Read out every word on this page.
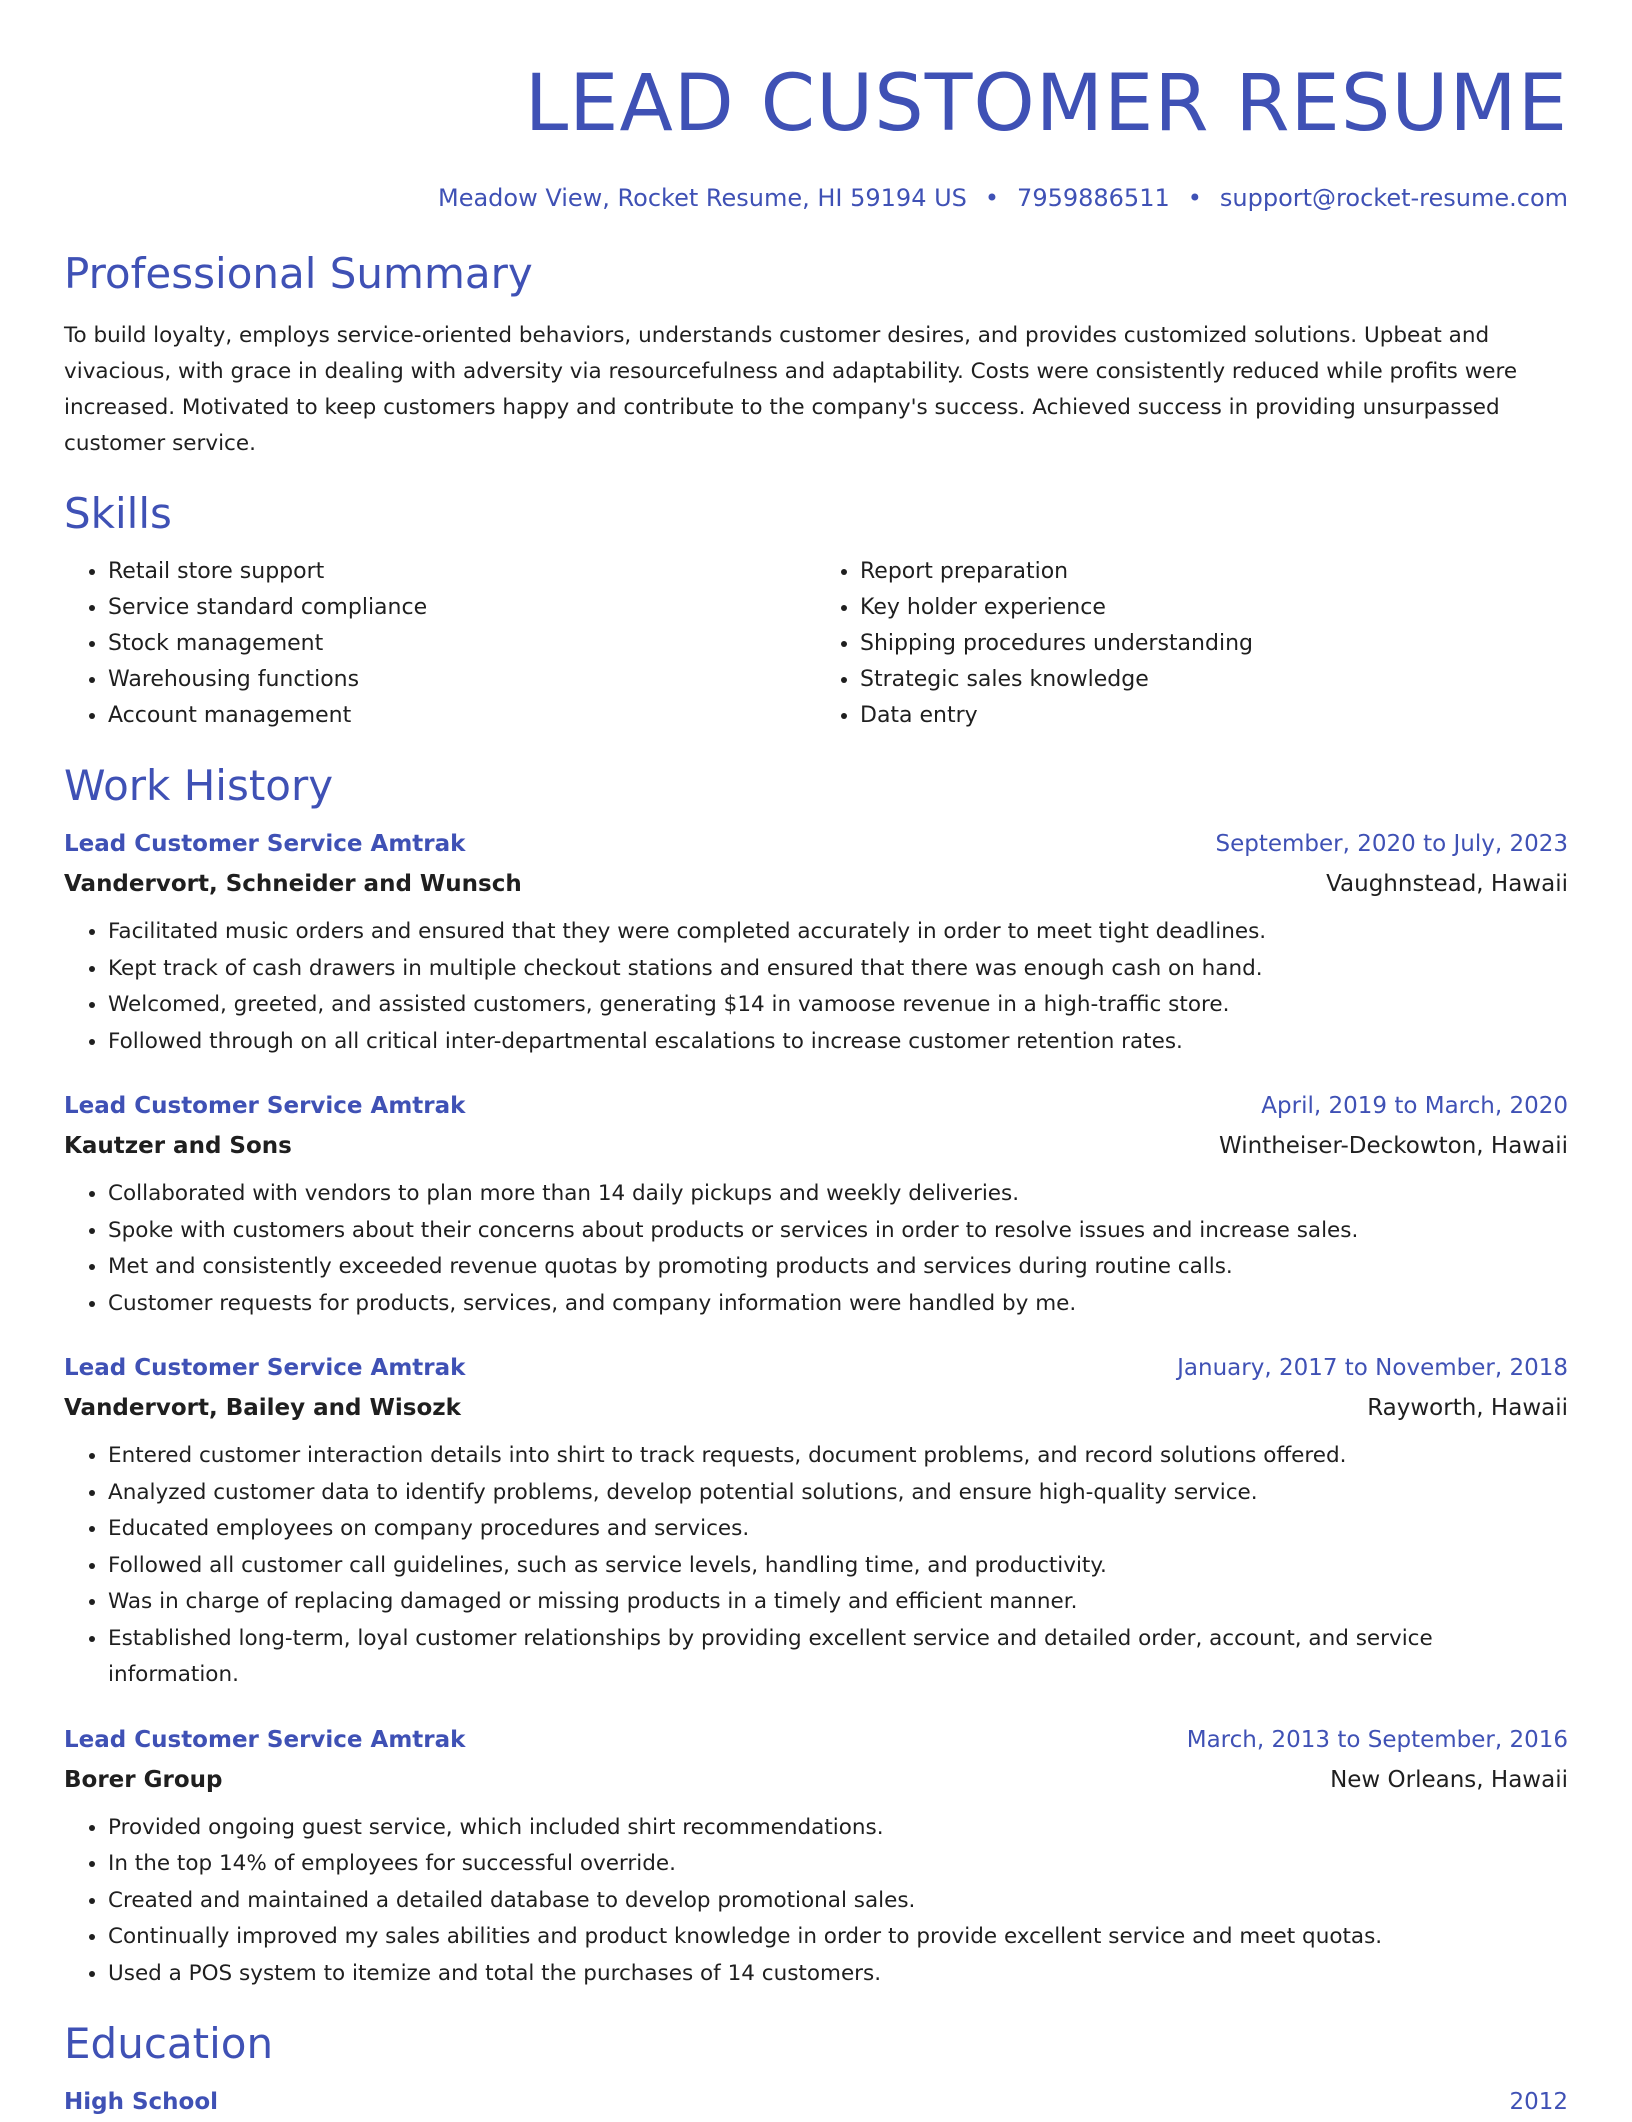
LEAD CUSTOMER RESUME
Meadow View, Rocket Resume, HI 59194 US • 7959886511 • support@rocket-resume.com
Professional Summary

To build loyalty, employs service-oriented behaviors, understands customer desires, and provides customized solutions. Upbeat and vivacious, with grace in dealing with adversity via resourcefulness and adaptability. Costs were consistently reduced while profits were increased. Motivated to keep customers happy and contribute to the company's success. Achieved success in providing unsurpassed customer service.

Skills
• Retail store support
• Service standard compliance
• Stock management
• Warehousing functions
• Account management
• Report preparation
• Key holder experience
• Shipping procedures understanding
• Strategic sales knowledge
• Data entry
Work History
Lead Customer Service Amtrak	September, 2020 to July, 2023
Vandervort, Schneider and Wunsch	Vaughnstead, Hawaii
• Facilitated music orders and ensured that they were completed accurately in order to meet tight deadlines.
• Kept track of cash drawers in multiple checkout stations and ensured that there was enough cash on hand.
• Welcomed, greeted, and assisted customers, generating $14 in vamoose revenue in a high-traffic store.
• Followed through on all critical inter-departmental escalations to increase customer retention rates.
Lead Customer Service Amtrak	April, 2019 to March, 2020
Kautzer and Sons	Wintheiser-Deckowton, Hawaii
• Collaborated with vendors to plan more than 14 daily pickups and weekly deliveries.
• Spoke with customers about their concerns about products or services in order to resolve issues and increase sales.
• Met and consistently exceeded revenue quotas by promoting products and services during routine calls.
• Customer requests for products, services, and company information were handled by me.
Lead Customer Service Amtrak	January, 2017 to November, 2018
Vandervort, Bailey and Wisozk	Rayworth, Hawaii
• Entered customer interaction details into shirt to track requests, document problems, and record solutions offered.
• Analyzed customer data to identify problems, develop potential solutions, and ensure high-quality service.
• Educated employees on company procedures and services.
• Followed all customer call guidelines, such as service levels, handling time, and productivity.
• Was in charge of replacing damaged or missing products in a timely and efficient manner.
• Established long-term, loyal customer relationships by providing excellent service and detailed order, account, and service information.
Lead Customer Service Amtrak	March, 2013 to September, 2016
Borer Group	New Orleans, Hawaii
• Provided ongoing guest service, which included shirt recommendations.
• In the top 14% of employees for successful override.
• Created and maintained a detailed database to develop promotional sales.
• Continually improved my sales abilities and product knowledge in order to provide excellent service and meet quotas.
• Used a POS system to itemize and total the purchases of 14 customers.
Education
High School	2012
